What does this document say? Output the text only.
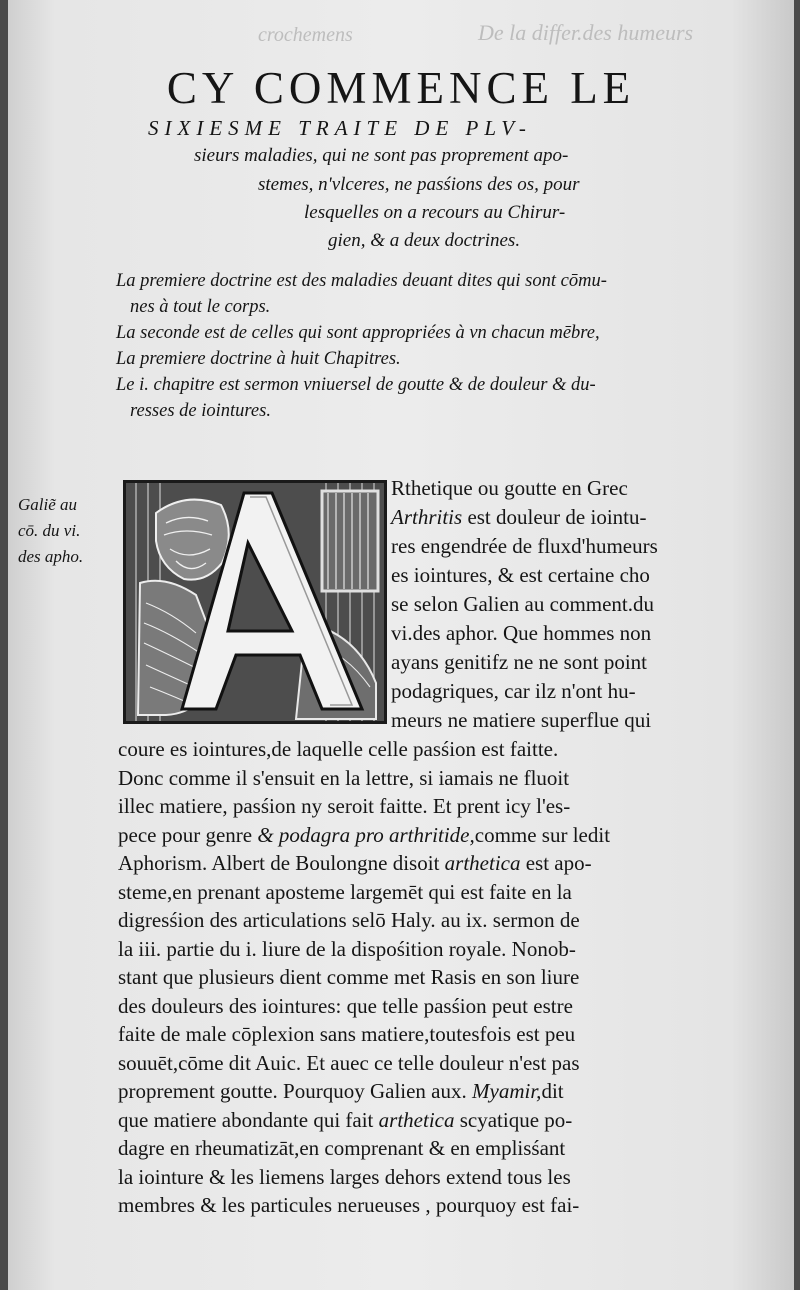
De la differ.des humeurs
crochemens
CY COMMENCE LE
SIXIESME TRAITE DE PLV-
sieurs maladies, qui ne sont pas proprement apo-
stemes, n'vlceres, ne pasśions des os, pour
lesquelles on a recours au Chirur-
gien, & a deux doctrines.
La premiere doctrine est des maladies deuant dites qui sont cōmu-
nes à tout le corps.
La seconde est de celles qui sont appropriées à vn chacun mēbre,
La premiere doctrine à huit Chapitres.
Le i. chapitre est sermon vniuersel de goutte & de douleur & du-
resses de iointures.
Galie͂ au
cō. du vi.
des apho.
Rthetique ou goutte en Grec
Arthritis est douleur de iointu-
res engendrée de fluxd'humeurs
es iointures, & est certaine cho
se selon Galien au comment.du
vi.des aphor. Que hommes non
ayans genitifz ne ne sont point
podagriques, car ilz n'ont hu-
meurs ne matiere superflue qui
coure es iointures,de laquelle celle pasśion est faitte.
Donc comme il s'ensuit en la lettre, si iamais ne fluoit
illec matiere, pasśion ny seroit faitte. Et prent icy l'es-
pece pour genre & podagra pro arthritide,comme sur ledit
Aphorism. Albert de Boulongne disoit arthetica est apo-
steme,en prenant aposteme largemēt qui est faite en la
digresśion des articulations selō Haly. au ix. sermon de
la iii. partie du i. liure de la dispośition royale. Nonob-
stant que plusieurs dient comme met Rasis en son liure
des douleurs des iointures: que telle pasśion peut estre
faite de male cōplexion sans matiere,toutesfois est peu
souuēt,cōme dit Auic. Et auec ce telle douleur n'est pas
proprement goutte. Pourquoy Galien aux. Myamir,dit
que matiere abondante qui fait arthetica scyatique po-
dagre en rheumatizāt,en comprenant & en emplisśant
la iointure & les liemens larges dehors extend tous les
membres & les particules nerueuses , pourquoy est fai-
